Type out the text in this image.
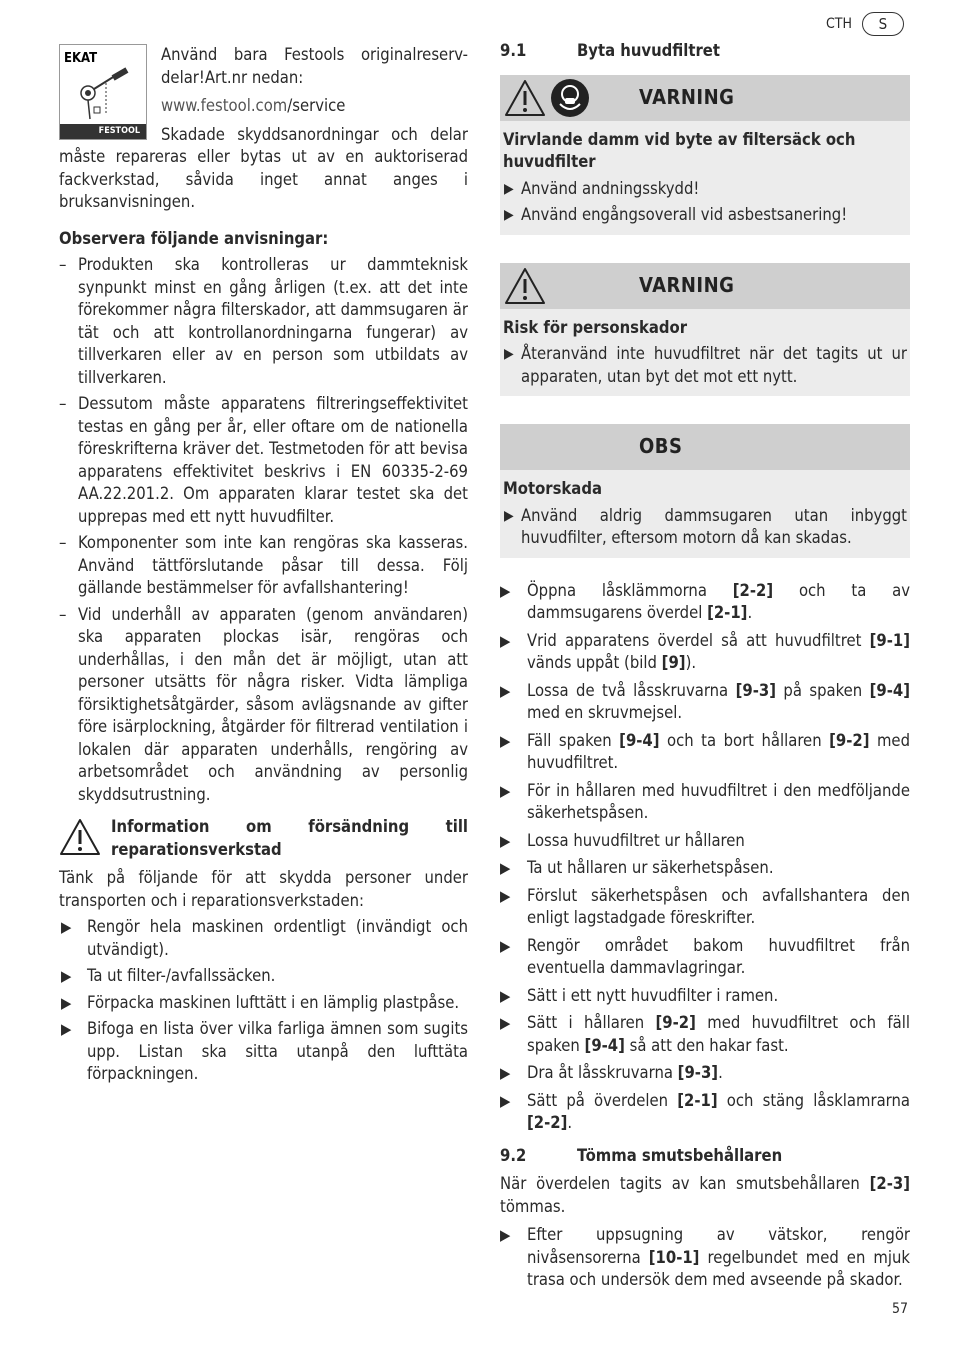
CTH	S
EKAT
FESTOOL

Använd bara Festools originalreserv-delar!Art.nr nedan:

www.festool.com/service

Skadade skyddsanordningar och delar måste repareras eller bytas ut av en auktoriserad fackverkstad, såvida inget annat anges i bruksanvisningen.

Observera följande anvisningar:

– Produkten ska kontrolleras ur dammteknisk synpunkt minst en gång årligen (t.ex. att det inte förekommer några filterskador, att dammsugaren är tät och att kontrollanordningarna fungerar) av tillverkaren eller av en person som utbildats av tillverkaren.
– Dessutom måste apparatens filtreringseffektivitet testas en gång per år, eller oftare om de nationella föreskrifterna kräver det. Testmetoden för att bevisa apparatens effektivitet beskrivs i EN 60335-2-69 AA.22.201.2. Om apparaten klarar testet ska det upprepas med ett nytt huvudfilter.
– Komponenter som inte kan rengöras ska kasseras. Använd tättförslutande påsar till dessa. Följ gällande bestämmelser för avfallshantering!
– Vid underhåll av apparaten (genom användaren) ska apparaten plockas isär, rengöras och underhållas, i den mån det är möjligt, utan att personer utsätts för några risker. Vidta lämpliga försiktighetsåtgärder, såsom avlägsnande av gifter före isärplockning, åtgärder för filtrerad ventilation i lokalen där apparaten underhålls, rengöring av arbetsområdet och användning av personlig skyddsutrustning.
Information om försändning till reparationsverkstad

Tänk på följande för att skydda personer under transporten och i reparationsverkstaden:

▶ Rengör hela maskinen ordentligt (invändigt och utvändigt).
▶ Ta ut filter-/avfallssäcken.
▶ Förpacka maskinen lufttätt i en lämplig plastpåse.
▶ Bifoga en lista över vilka farliga ämnen som sugits upp. Listan ska sitta utanpå den lufttäta förpackningen.
9.1	Byta huvudfiltret
VARNING

Virvlande damm vid byte av filtersäck och huvudfilter

▶ Använd andningsskydd!
▶ Använd engångsoverall vid asbestsanering!
VARNING

Risk för personskador

▶ Återanvänd inte huvudfiltret när det tagits ut ur apparaten, utan byt det mot ett nytt.
OBS

Motorskada

▶ Använd aldrig dammsugaren utan inbyggt huvudfilter, eftersom motorn då kan skadas.
▶ Öppna låsklämmorna [2-2] och ta av dammsugarens överdel [2-1].
▶ Vrid apparatens överdel så att huvudfiltret [9-1] vänds uppåt (bild [9]).
▶ Lossa de två låsskruvarna [9-3] på spaken [9-4] med en skruvmejsel.
▶ Fäll spaken [9-4] och ta bort hållaren [9-2] med huvudfiltret.
▶ För in hållaren med huvudfiltret i den medföljande säkerhetspåsen.
▶ Lossa huvudfiltret ur hållaren
▶ Ta ut hållaren ur säkerhetspåsen.
▶ Förslut säkerhetspåsen och avfallshantera den enligt lagstadgade föreskrifter.
▶ Rengör området bakom huvudfiltret från eventuella dammavlagringar.
▶ Sätt i ett nytt huvudfilter i ramen.
▶ Sätt i hållaren [9-2] med huvudfiltret och fäll spaken [9-4] så att den hakar fast.
▶ Dra åt låsskruvarna [9-3].
▶ Sätt på överdelen [2-1] och stäng låsklamrarna [2-2].
9.2	Tömma smutsbehållaren

När överdelen tagits av kan smutsbehållaren [2-3] tömmas.

▶ Efter uppsugning av vätskor, rengör nivåsensorerna [10-1] regelbundet med en mjuk trasa och undersök dem med avseende på skador.
57
